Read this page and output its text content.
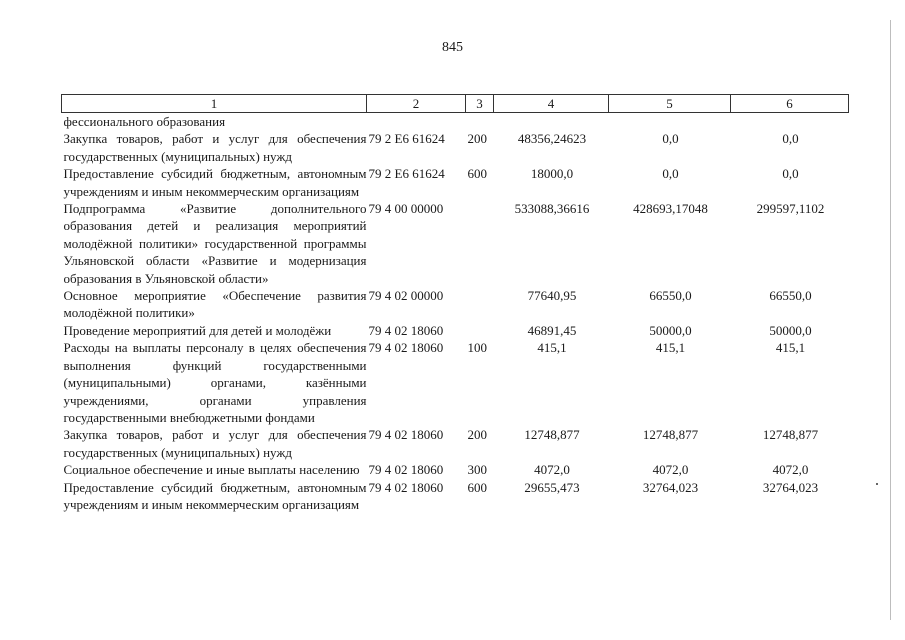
845
1	2	3	4	5	6
фессионального образования					
Закупка товаров, работ и услуг для обеспечения государственных (муниципальных) нужд	79 2 Е6 61624	200	48356,24623	0,0	0,0
Предоставление субсидий бюджетным, автономным учреждениям и иным некоммерческим организациям	79 2 Е6 61624	600	18000,0	0,0	0,0
Подпрограмма «Развитие дополнительного образования детей и реализация мероприятий молодёжной политики» государственной программы Ульяновской области «Развитие и модернизация образования в Ульяновской области»	79 4 00 00000		533088,36616	428693,17048	299597,1102
Основное мероприятие «Обеспечение развития молодёжной политики»	79 4 02 00000		77640,95	66550,0	66550,0
Проведение мероприятий для детей и молодёжи	79 4 02 18060		46891,45	50000,0	50000,0
Расходы на выплаты персоналу в целях обеспечения выполнения функций государственными (муниципальными) органами, казёнными учреждениями, органами управления государственными внебюджетными фондами	79 4 02 18060	100	415,1	415,1	415,1
Закупка товаров, работ и услуг для обеспечения государственных (муниципальных) нужд	79 4 02 18060	200	12748,877	12748,877	12748,877
Социальное обеспечение и иные выплаты населению	79 4 02 18060	300	4072,0	4072,0	4072,0
Предоставление субсидий бюджетным, автономным учреждениям и иным некоммерческим организациям	79 4 02 18060	600	29655,473	32764,023	32764,023
